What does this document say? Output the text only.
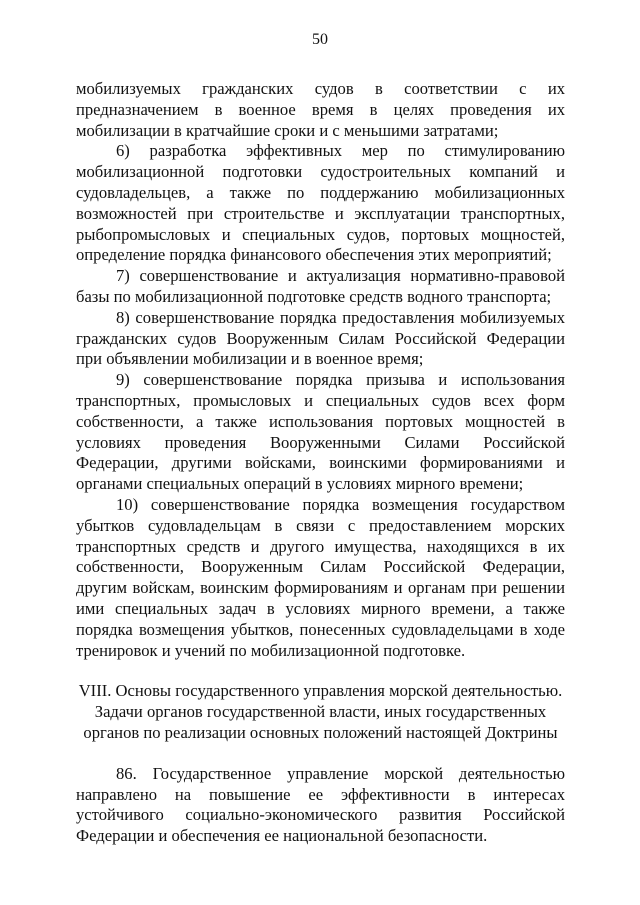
50

мобилизуемых гражданских судов в соответствии с их предназначением в военное время в целях проведения их мобилизации в кратчайшие сроки и с меньшими затратами;

6) разработка эффективных мер по стимулированию мобилизационной подготовки судостроительных компаний и судовладельцев, а также по поддержанию мобилизационных возможностей при строительстве и эксплуатации транспортных, рыбопромысловых и специальных судов, портовых мощностей, определение порядка финансового обеспечения этих мероприятий;

7) совершенствование и актуализация нормативно-правовой базы по мобилизационной подготовке средств водного транспорта;

8) совершенствование порядка предоставления мобилизуемых гражданских судов Вооруженным Силам Российской Федерации при объявлении мобилизации и в военное время;

9) совершенствование порядка призыва и использования транспортных, промысловых и специальных судов всех форм собственности, а также использования портовых мощностей в условиях проведения Вооруженными Силами Российской Федерации, другими войсками, воинскими формированиями и органами специальных операций в условиях мирного времени;

10) совершенствование порядка возмещения государством убытков судовладельцам в связи с предоставлением морских транспортных средств и другого имущества, находящихся в их собственности, Вооруженным Силам Российской Федерации, другим войскам, воинским формированиям и органам при решении ими специальных задач в условиях мирного времени, а также порядка возмещения убытков, понесенных судовладельцами в ходе тренировок и учений по мобилизационной подготовке.

VIII. Основы государственного управления морской деятельностью.
Задачи органов государственной власти, иных государственных
органов по реализации основных положений настоящей Доктрины

86. Государственное управление морской деятельностью направлено на повышение ее эффективности в интересах устойчивого социально-экономического развития Российской Федерации и обеспечения ее национальной безопасности.
